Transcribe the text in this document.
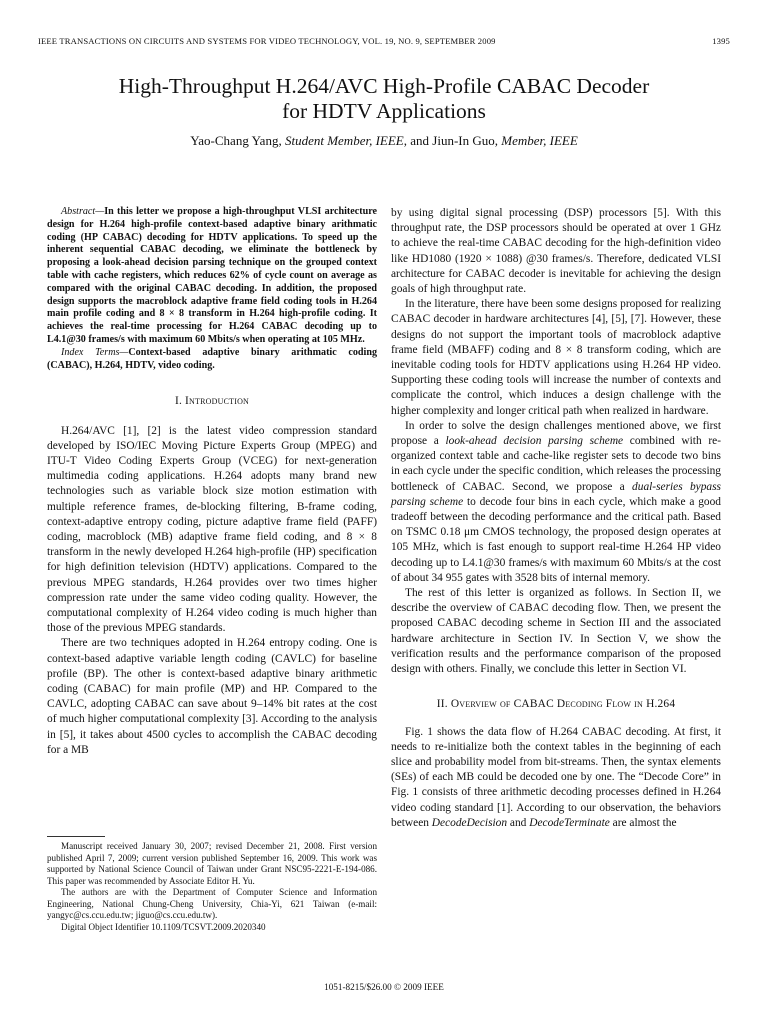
IEEE TRANSACTIONS ON CIRCUITS AND SYSTEMS FOR VIDEO TECHNOLOGY, VOL. 19, NO. 9, SEPTEMBER 2009	1395
High-Throughput H.264/AVC High-Profile CABAC Decoder
for HDTV Applications
Yao-Chang Yang, Student Member, IEEE, and Jiun-In Guo, Member, IEEE

Abstract—In this letter we propose a high-throughput VLSI architecture design for H.264 high-profile context-based adaptive binary arithmatic coding (HP CABAC) decoding for HDTV applications. To speed up the inherent sequential CABAC decoding, we eliminate the bottleneck by proposing a look-ahead decision parsing technique on the grouped context table with cache registers, which reduces 62% of cycle count on average as compared with the original CABAC decoding. In addition, the proposed design supports the macroblock adaptive frame field coding tools in H.264 main profile coding and 8 × 8 transform in H.264 high-profile coding. It achieves the real-time processing for H.264 CABAC decoding up to L4.1@30 frames/s with maximum 60 Mbits/s when operating at 105 MHz.

Index Terms—Context-based adaptive binary arithmatic coding (CABAC), H.264, HDTV, video coding.

I. Introduction

H.264/AVC [1], [2] is the latest video compression standard developed by ISO/IEC Moving Picture Experts Group (MPEG) and ITU-T Video Coding Experts Group (VCEG) for next-generation multimedia coding applications. H.264 adopts many brand new technologies such as variable block size motion estimation with multiple reference frames, de-blocking filtering, B-frame coding, context-adaptive entropy coding, picture adaptive frame field (PAFF) coding, macroblock (MB) adaptive frame field coding, and 8 × 8 transform in the newly developed H.264 high-profile (HP) specification for high definition television (HDTV) applications. Compared to the previous MPEG standards, H.264 provides over two times higher compression rate under the same video coding quality. However, the computational complexity of H.264 video coding is much higher than those of the previous MPEG standards.

There are two techniques adopted in H.264 entropy coding. One is context-based adaptive variable length coding (CAVLC) for baseline profile (BP). The other is context-based adaptive binary arithmetic coding (CABAC) for main profile (MP) and HP. Compared to the CAVLC, adopting CABAC can save about 9–14% bit rates at the cost of much higher computational complexity [3]. According to the analysis in [5], it takes about 4500 cycles to accomplish the CABAC decoding for a MB

Manuscript received January 30, 2007; revised December 21, 2008. First version published April 7, 2009; current version published September 16, 2009. This work was supported by National Science Council of Taiwan under Grant NSC95-2221-E-194-086. This paper was recommended by Associate Editor H. Yu.

The authors are with the Department of Computer Science and Information Engineering, National Chung-Cheng University, Chia-Yi, 621 Taiwan (e-mail: yangyc@cs.ccu.edu.tw; jiguo@cs.ccu.edu.tw).

Digital Object Identifier 10.1109/TCSVT.2009.2020340

by using digital signal processing (DSP) processors [5]. With this throughput rate, the DSP processors should be operated at over 1 GHz to achieve the real-time CABAC decoding for the high-definition video like HD1080 (1920 × 1088) @30 frames/s. Therefore, dedicated VLSI architecture for CABAC decoder is inevitable for achieving the design goals of high throughput rate.

In the literature, there have been some designs proposed for realizing CABAC decoder in hardware architectures [4], [5], [7]. However, these designs do not support the important tools of macroblock adaptive frame field (MBAFF) coding and 8 × 8 transform coding, which are inevitable coding tools for HDTV applications using H.264 HP video. Supporting these coding tools will increase the number of contexts and complicate the control, which induces a design challenge with the higher complexity and longer critical path when realized in hardware.

In order to solve the design challenges mentioned above, we first propose a look-ahead decision parsing scheme combined with re-organized context table and cache-like register sets to decode two bins in each cycle under the specific condition, which releases the processing bottleneck of CABAC. Second, we propose a dual-series bypass parsing scheme to decode four bins in each cycle, which make a good tradeoff between the decoding performance and the critical path. Based on TSMC 0.18 μm CMOS technology, the proposed design operates at 105 MHz, which is fast enough to support real-time H.264 HP video decoding up to L4.1@30 frames/s with maximum 60 Mbits/s at the cost of about 34 955 gates with 3528 bits of internal memory.

The rest of this letter is organized as follows. In Section II, we describe the overview of CABAC decoding flow. Then, we present the proposed CABAC decoding scheme in Section III and the associated hardware architecture in Section IV. In Section V, we show the verification results and the performance comparison of the proposed design with others. Finally, we conclude this letter in Section VI.

II. Overview of CABAC Decoding Flow in H.264

Fig. 1 shows the data flow of H.264 CABAC decoding. At first, it needs to re-initialize both the context tables in the beginning of each slice and probability model from bit-streams. Then, the syntax elements (SEs) of each MB could be decoded one by one. The “Decode Core” in Fig. 1 consists of three arithmetic decoding processes defined in H.264 video coding standard [1]. According to our observation, the behaviors between DecodeDecision and DecodeTerminate are almost the

1051-8215/$26.00 © 2009 IEEE
